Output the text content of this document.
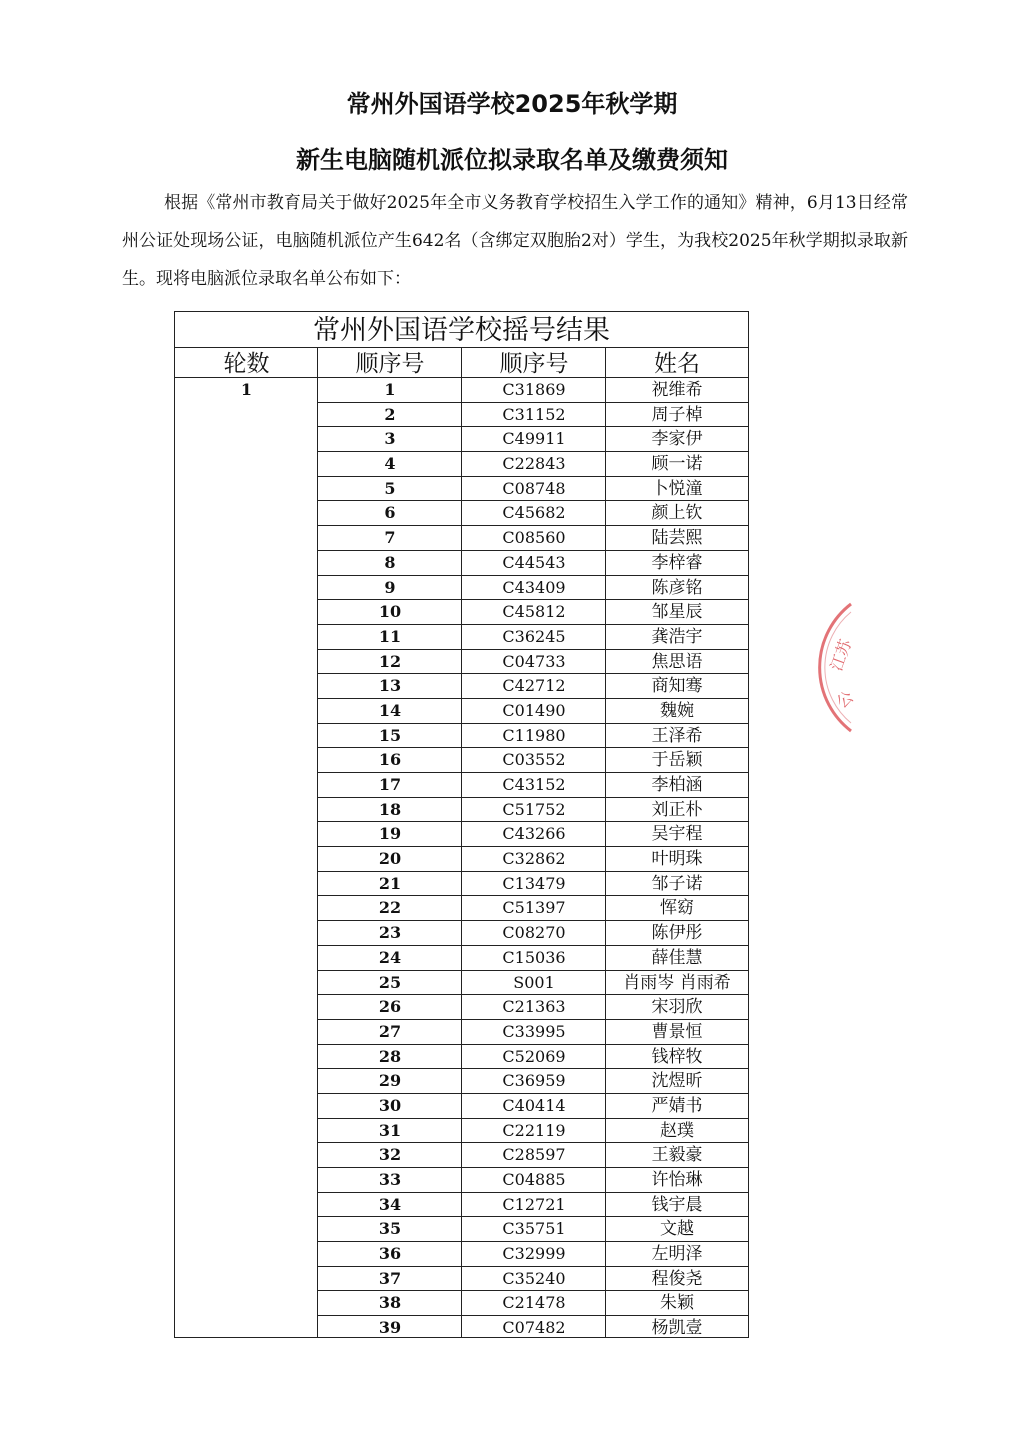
常州外国语学校2025年秋学期
新生电脑随机派位拟录取名单及缴费须知
根据《常州市教育局关于做好2025年全市义务教育学校招生入学工作的通知》精神，6月13日经常州公证处现场公证，电脑随机派位产生642名（含绑定双胞胎2对）学生，为我校2025年秋学期拟录取新生。现将电脑派位录取名单公布如下：
常州外国语学校摇号结果
轮数	顺序号	顺序号	姓名
1	1	C31869	祝维希
2	C31152	周子棹
3	C49911	李家伊
4	C22843	顾一诺
5	C08748	卜悦潼
6	C45682	颜上钦
7	C08560	陆芸熙
8	C44543	李梓睿
9	C43409	陈彦铭
10	C45812	邹星辰
11	C36245	龚浩宇
12	C04733	焦思语
13	C42712	商知骞
14	C01490	魏婉
15	C11980	王泽希
16	C03552	于岳颖
17	C43152	李柏涵
18	C51752	刘正朴
19	C43266	吴宇程
20	C32862	叶明珠
21	C13479	邹子诺
22	C51397	恽窈
23	C08270	陈伊彤
24	C15036	薛佳慧
25	S001	肖雨岑 肖雨希
26	C21363	宋羽欣
27	C33995	曹景恒
28	C52069	钱梓牧
29	C36959	沈煜昕
30	C40414	严婧书
31	C22119	赵璞
32	C28597	王毅豪
33	C04885	许怡琳
34	C12721	钱宇晨
35	C35751	文越
36	C32999	左明泽
37	C35240	程俊尧
38	C21478	朱颖
39	C07482	杨凯壹
江苏
公
